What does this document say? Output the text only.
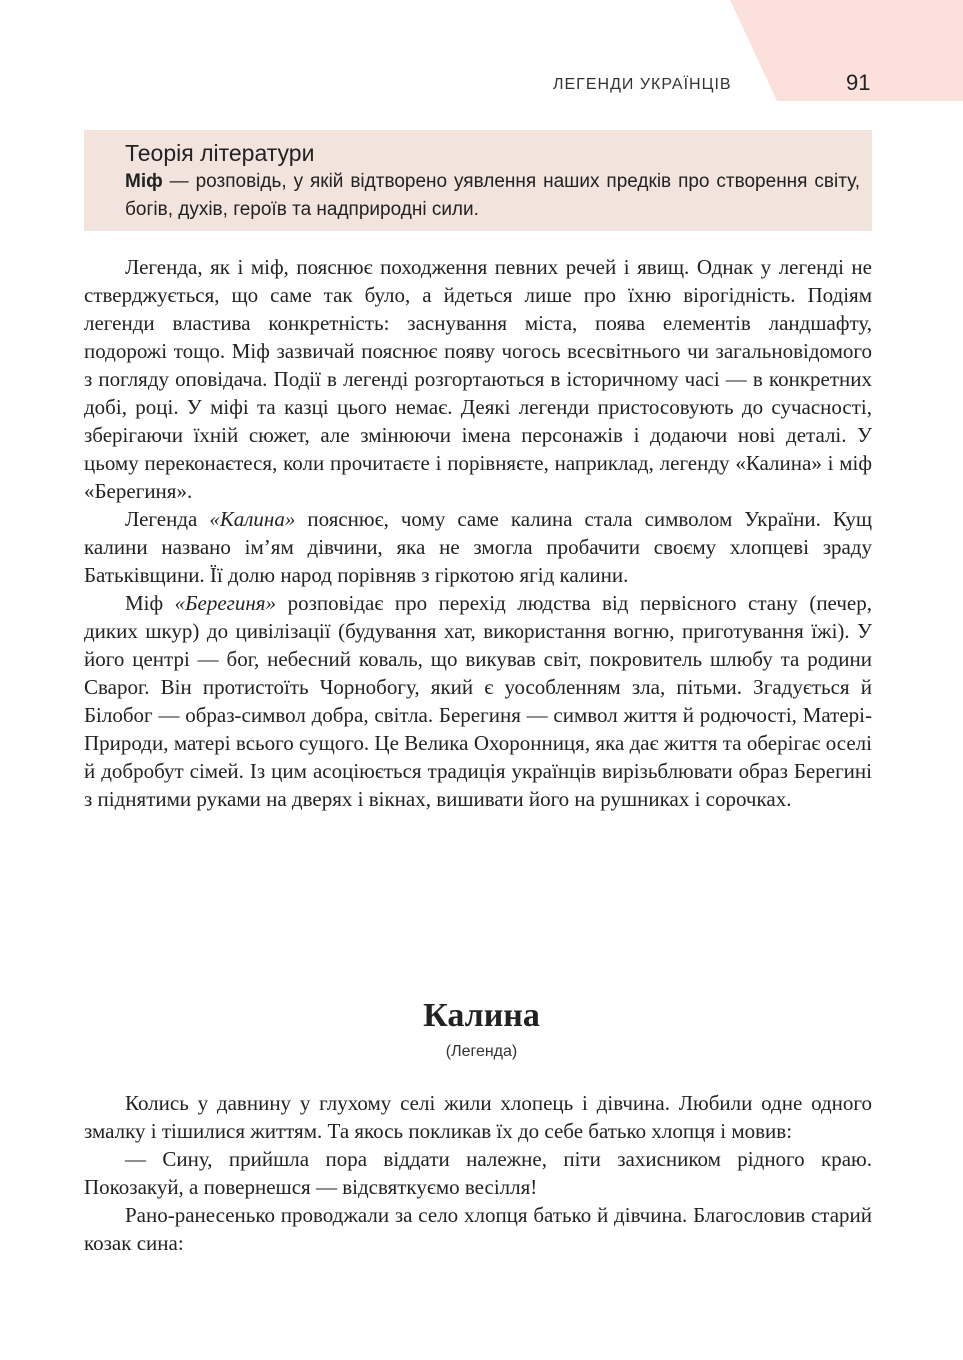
ЛЕГЕНДИ УКРАЇНЦІВ	91

Теорія літератури

Міф — розповідь, у якій відтворено уявлення наших предків про створення світу, богів, духів, героїв та надприродні сили.

Легенда, як і міф, пояснює походження певних речей і явищ. Однак у легенді не стверджується, що саме так було, а йдеться лише про їхню вірогідність. Подіям легенди властива конкретність: заснування міста, поява елементів ландшафту, подорожі тощо. Міф зазвичай пояснює появу чогось всесвітнього чи загальновідомого з погляду оповідача. Події в легенді розгортаються в історичному часі — в конкретних добі, році. У міфі та казці цього немає. Деякі легенди пристосовують до сучасності, зберігаючи їхній сюжет, але змінюючи імена персонажів і додаючи нові деталі. У цьому переконаєтеся, коли прочитаєте і порівняєте, наприклад, легенду «Калина» і міф «Берегиня».

Легенда «Калина» пояснює, чому саме калина стала символом України. Кущ калини названо ім’ям дівчини, яка не змогла пробачити своєму хлопцеві зраду Батьківщини. Її долю народ порівняв з гіркотою ягід калини.

Міф «Берегиня» розповідає про перехід людства від первісного стану (печер, диких шкур) до цивілізації (будування хат, використання вогню, приготування їжі). У його центрі — бог, небесний коваль, що викував світ, покровитель шлюбу та родини Сварог. Він протистоїть Чорнобогу, який є уособленням зла, пітьми. Згадується й Білобог — образ-символ добра, світла. Берегиня — символ життя й родючості, Матері-Природи, матері всього сущого. Це Велика Охоронниця, яка дає життя та оберігає оселі й добробут сімей. Із цим асоціюється традиція українців вирізьблювати образ Берегині з піднятими руками на дверях і вікнах, вишивати його на рушниках і сорочках.

Калина
(Легенда)

Колись у давнину у глухому селі жили хлопець і дівчина. Любили одне одного змалку і тішилися життям. Та якось покликав їх до себе батько хлопця і мовив:

— Сину, прийшла пора віддати належне, піти захисником рідного краю. Покозакуй, а повернешся — відсвяткуємо весілля!

Рано-ранесенько проводжали за село хлопця батько й дівчина. Благословив старий козак сина:
